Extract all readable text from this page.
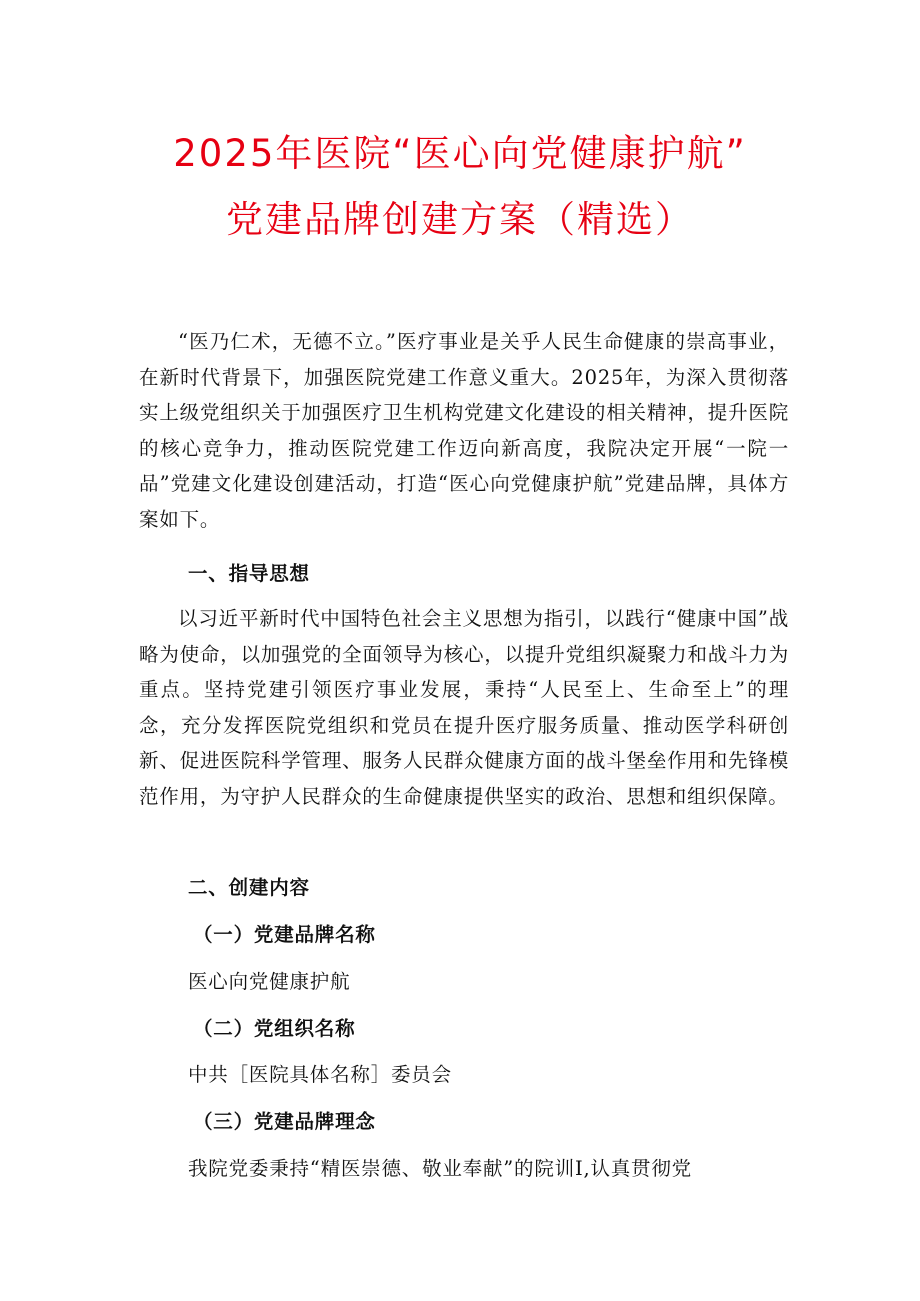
2025年医院“医心向党健康护航”
党建品牌创建方案（精选）

“医乃仁术，无德不立。”医疗事业是关乎人民生命健康的崇高事业，在新时代背景下，加强医院党建工作意义重大。2025年，为深入贯彻落实上级党组织关于加强医疗卫生机构党建文化建设的相关精神，提升医院的核心竞争力，推动医院党建工作迈向新高度，我院决定开展“一院一品”党建文化建设创建活动，打造“医心向党健康护航”党建品牌，具体方案如下。

一、指导思想

以习近平新时代中国特色社会主义思想为指引，以践行“健康中国”战略为使命，以加强党的全面领导为核心，以提升党组织凝聚力和战斗力为重点。坚持党建引领医疗事业发展，秉持“人民至上、生命至上”的理念，充分发挥医院党组织和党员在提升医疗服务质量、推动医学科研创新、促进医院科学管理、服务人民群众健康方面的战斗堡垒作用和先锋模范作用，为守护人民群众的生命健康提供坚实的政治、思想和组织保障。

二、创建内容
（一）党建品牌名称
医心向党健康护航
（二）党组织名称
中共［医院具体名称］委员会
（三）党建品牌理念
我院党委秉持“精医崇德、敬业奉献”的院训I,认真贯彻党
